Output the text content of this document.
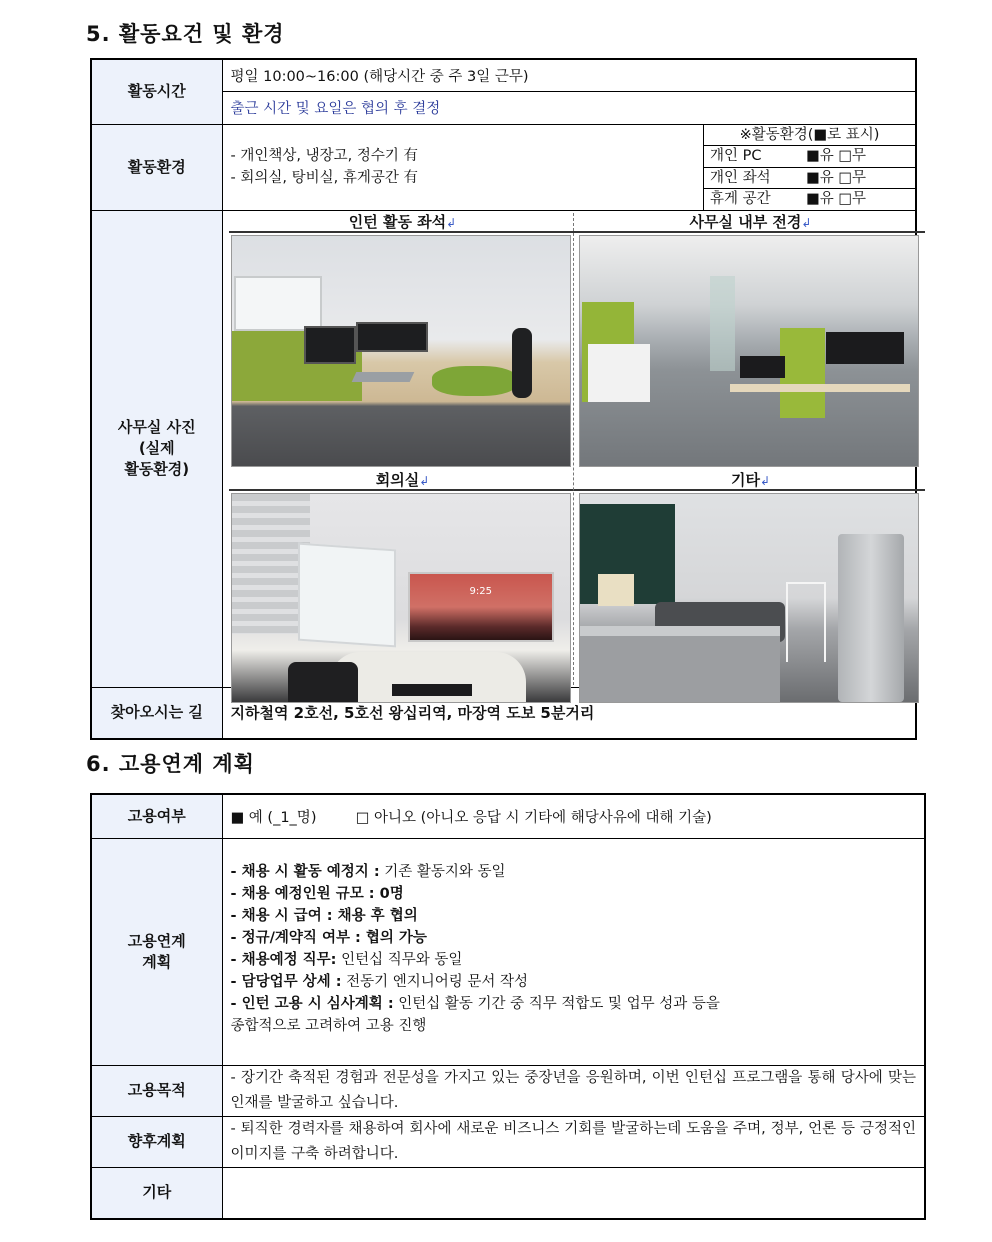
5. 활동요건 및 환경
활동시간	평일 10:00~16:00 (해당시간 중 주 3일 근무)
	출근 시간 및 요일은 협의 후 결정
활동환경	
- 개인책상, 냉장고, 정수기 有
- 회의실, 탕비실, 휴게공간 有
※활동환경(■로 표시)
개인 PC	■유 □무
개인 좌석	■유 □무
휴게 공간	■유 □무

사무실 사진
(실제
활동환경)

인턴 활동 좌석↲	사무실 내부 전경↲
회의실↲	기타↲
9:25

찾아오시는 길	지하철역 2호선, 5호선 왕십리역, 마장역 도보 5분거리
6. 고용연계 계획
고용여부	■ 예 (_1_명) □ 아니오 (아니오 응답 시 기타에 해당사유에 대해 기술)

고용연계
계획

- 채용 시 활동 예정지 : 기존 활동지와 동일
- 채용 예정인원 규모 : 0명
- 채용 시 급여 : 채용 후 협의
- 정규/계약직 여부 : 협의 가능
- 채용예정 직무: 인턴십 직무와 동일
- 담당업무 상세 : 전동기 엔지니어링 문서 작성
- 인턴 고용 시 심사계획 : 인턴십 활동 기간 중 직무 적합도 및 업무 성과 등을
종합적으로 고려하여 고용 진행

고용목적	- 장기간 축적된 경험과 전문성을 가지고 있는 중장년을 응원하며, 이번 인턴십 프로그램을 통해 당사에 맞는 인재를 발굴하고 싶습니다.
향후계획	- 퇴직한 경력자를 채용하여 회사에 새로운 비즈니스 기회를 발굴하는데 도움을 주며, 정부, 언론 등 긍정적인 이미지를 구축 하려합니다.
기타	
